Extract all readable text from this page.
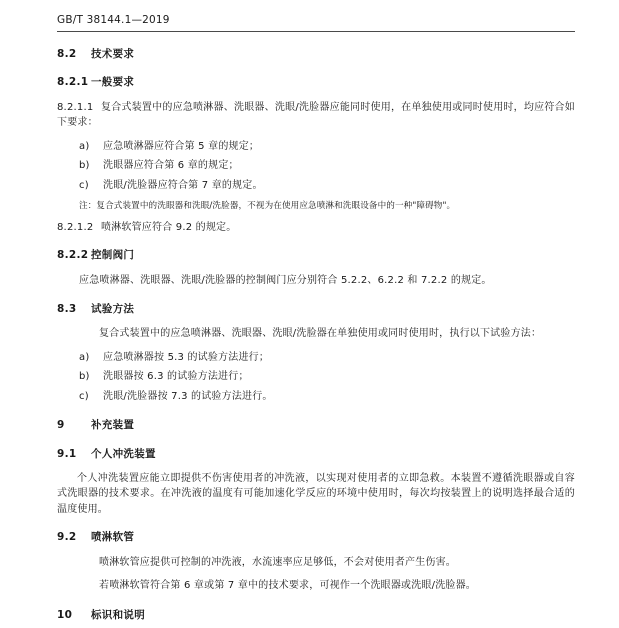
GB/T 38144.1—2019
8.2 技术要求
8.2.1 一般要求
8.2.1.1 复合式装置中的应急喷淋器、洗眼器、洗眼/洗脸器应能同时使用，在单独使用或同时使用时，均应符合如下要求：
a) 应急喷淋器应符合第 5 章的规定；
b) 洗眼器应符合第 6 章的规定；
c) 洗眼/洗脸器应符合第 7 章的规定。
注：复合式装置中的洗眼器和洗眼/洗脸器，不视为在使用应急喷淋和洗眼设备中的一种"障碍物"。
8.2.1.2 喷淋软管应符合 9.2 的规定。
8.2.2 控制阀门
应急喷淋器、洗眼器、洗眼/洗脸器的控制阀门应分别符合 5.2.2、6.2.2 和 7.2.2 的规定。
8.3 试验方法
复合式装置中的应急喷淋器、洗眼器、洗眼/洗脸器在单独使用或同时使用时，执行以下试验方法：
a) 应急喷淋器按 5.3 的试验方法进行；
b) 洗眼器按 6.3 的试验方法进行；
c) 洗眼/洗脸器按 7.3 的试验方法进行。
9	补充装置
9.1 个人冲洗装置
个人冲洗装置应能立即提供不伤害使用者的冲洗液，以实现对使用者的立即急救。本装置不遵循洗眼器或自容式洗眼器的技术要求。在冲洗液的温度有可能加速化学反应的环境中使用时，每次均按装置上的说明选择最合适的温度使用。
9.2 喷淋软管
喷淋软管应提供可控制的冲洗液，水流速率应足够低，不会对使用者产生伤害。
若喷淋软管符合第 6 章或第 7 章中的技术要求，可视作一个洗眼器或洗眼/洗脸器。
10 标识和说明
